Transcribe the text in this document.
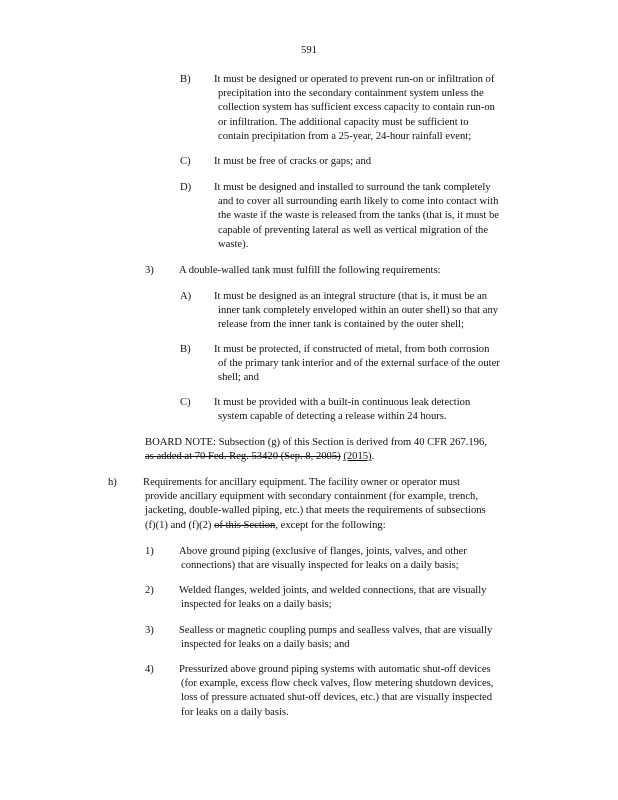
591
B) It must be designed or operated to prevent run-on or infiltration of
precipitation into the secondary containment system unless the
collection system has sufficient excess capacity to contain run-on
or infiltration. The additional capacity must be sufficient to
contain precipitation from a 25-year, 24-hour rainfall event;
C) It must be free of cracks or gaps; and
D) It must be designed and installed to surround the tank completely
and to cover all surrounding earth likely to come into contact with
the waste if the waste is released from the tanks (that is, it must be
capable of preventing lateral as well as vertical migration of the
waste).
3) A double-walled tank must fulfill the following requirements:
A) It must be designed as an integral structure (that is, it must be an
inner tank completely enveloped within an outer shell) so that any
release from the inner tank is contained by the outer shell;
B) It must be protected, if constructed of metal, from both corrosion
of the primary tank interior and of the external surface of the outer
shell; and
C) It must be provided with a built-in continuous leak detection
system capable of detecting a release within 24 hours.
BOARD NOTE: Subsection (g) of this Section is derived from 40 CFR 267.196,
as added at 70 Fed. Reg. 53420 (Sep. 8, 2005) (2015).
h) Requirements for ancillary equipment. The facility owner or operator must
provide ancillary equipment with secondary containment (for example, trench,
jacketing, double-walled piping, etc.) that meets the requirements of subsections
(f)(1) and (f)(2) of this Section, except for the following:
1) Above ground piping (exclusive of flanges, joints, valves, and other
connections) that are visually inspected for leaks on a daily basis;
2) Welded flanges, welded joints, and welded connections, that are visually
inspected for leaks on a daily basis;
3) Sealless or magnetic coupling pumps and sealless valves, that are visually
inspected for leaks on a daily basis; and
4) Pressurized above ground piping systems with automatic shut-off devices
(for example, excess flow check valves, flow metering shutdown devices,
loss of pressure actuated shut-off devices, etc.) that are visually inspected
for leaks on a daily basis.
